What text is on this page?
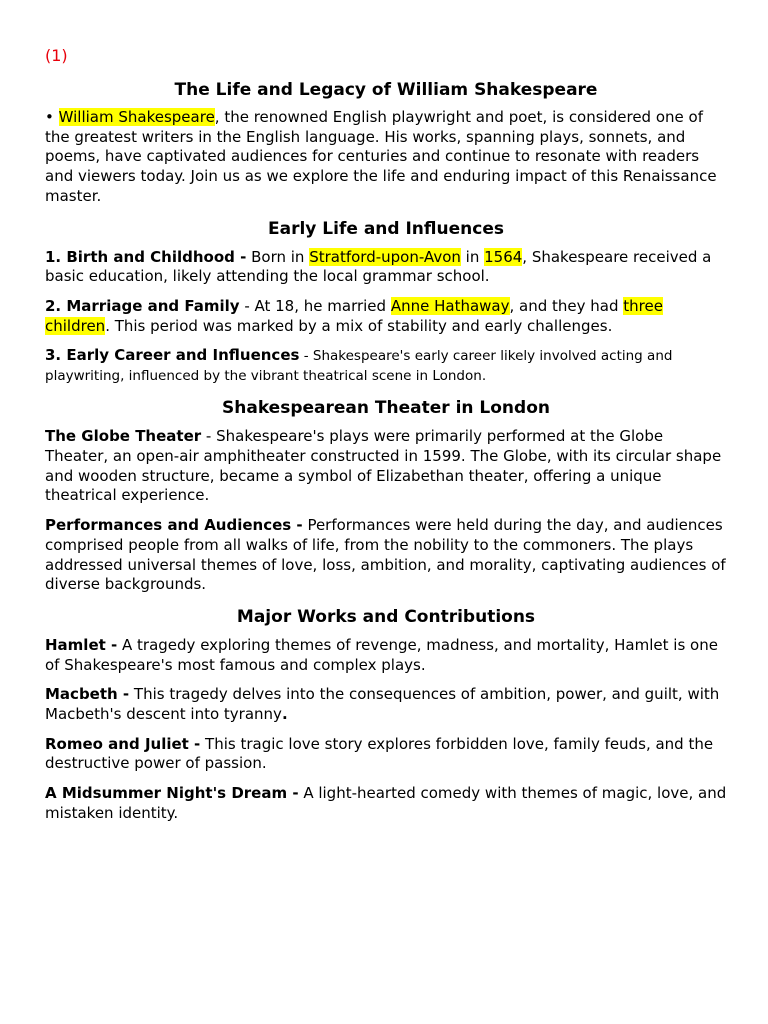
(1)
The Life and Legacy of William Shakespeare

• William Shakespeare, the renowned English playwright and poet, is considered one of the greatest writers in the English language. His works, spanning plays, sonnets, and poems, have captivated audiences for centuries and continue to resonate with readers and viewers today. Join us as we explore the life and enduring impact of this Renaissance master.

Early Life and Influences

1. Birth and Childhood - Born in Stratford-upon-Avon in 1564, Shakespeare received a basic education, likely attending the local grammar school.

2. Marriage and Family - At 18, he married Anne Hathaway, and they had three children. This period was marked by a mix of stability and early challenges.

3. Early Career and Influences - Shakespeare's early career likely involved acting and playwriting, influenced by the vibrant theatrical scene in London.

Shakespearean Theater in London

The Globe Theater - Shakespeare's plays were primarily performed at the Globe Theater, an open-air amphitheater constructed in 1599. The Globe, with its circular shape and wooden structure, became a symbol of Elizabethan theater, offering a unique theatrical experience.

Performances and Audiences - Performances were held during the day, and audiences comprised people from all walks of life, from the nobility to the commoners. The plays addressed universal themes of love, loss, ambition, and morality, captivating audiences of diverse backgrounds.

Major Works and Contributions

Hamlet - A tragedy exploring themes of revenge, madness, and mortality, Hamlet is one of Shakespeare's most famous and complex plays.

Macbeth - This tragedy delves into the consequences of ambition, power, and guilt, with Macbeth's descent into tyranny.

Romeo and Juliet - This tragic love story explores forbidden love, family feuds, and the destructive power of passion.

A Midsummer Night's Dream - A light-hearted comedy with themes of magic, love, and mistaken identity.
